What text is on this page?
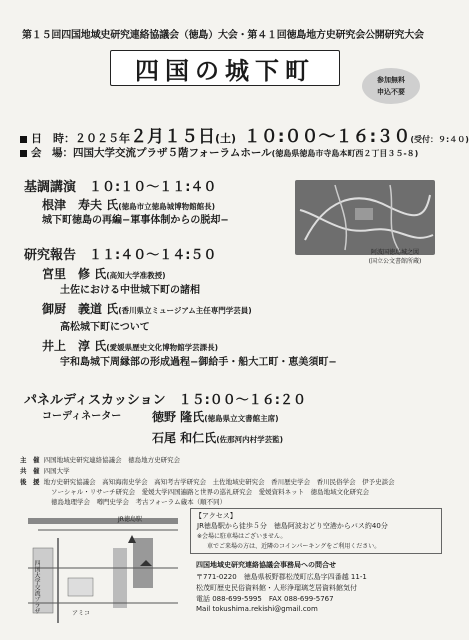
第１５回四国地域史研究連絡協議会（徳島）大会・第４１回徳島地方史研究会公開研究大会
四国の城下町	参加無料
申込不要
日　時：２０２５年２月１５日(土) １０:００〜１６:３０(受付：９:４０)
会　場：四国大学交流プラザ５階フォーラムホール(徳島県徳島市寺島本町西２丁目３５-８)
基調講演　１０:１０〜１１:４０
根津　寿夫 氏(徳島市立徳島城博物館館長)
城下町徳島の再編−軍事体制からの脱却−
阿波国徳島城之図
(国立公文書館所蔵)
研究報告　１１:４０〜１４:５０
宮里　修 氏(高知大学准教授)
土佐における中世城下町の諸相
御厨　義道 氏(香川県立ミュージアム主任専門学芸員)
高松城下町について
井上　淳 氏(愛媛県歴史文化博物館学芸課長)
宇和島城下周縁部の形成過程−御給手・船大工町・恵美須町−
パネルディスカッション　１５:００〜１６:２０
コーディネーター	徳野 隆氏(徳島県立文書館主席)
石尾 和仁氏(佐那河内村学芸監)
主　催 四国地域史研究連絡協議会　徳島地方史研究会
共　催 四国大学
後　援 地方史研究協議会　高知海南史学会　高知考古学研究会　土佐地域史研究会　香川歴史学会　香川民俗学会　伊予史談会
ソーシャル・リサーチ研究会　愛媛大学四国遍路と世界の巡礼研究会　愛媛資料ネット　徳島地域文化研究会
徳島地理学会　噂門史学会　考古フォーラム蔵本（順不同）
JR徳島駅
四国大学交流プラザ	アミコ
【アクセス】
JR徳島駅から徒歩５分　徳島阿波おどり空港からバス約40分
※会場に駐車場はございません。
車でご来場の方は、近隣のコインパーキングをご利用ください。
四国地域史研究連絡協議会事務局への問合せ
〒771-0220　徳島県板野郡松茂町広島字四番越 11-1
松茂町歴史民俗資料館・人形浄瑠璃芝居資料館気付
電話 088-699-5995　FAX 088-699-5767
Mail tokushima.rekishi@gmail.com
